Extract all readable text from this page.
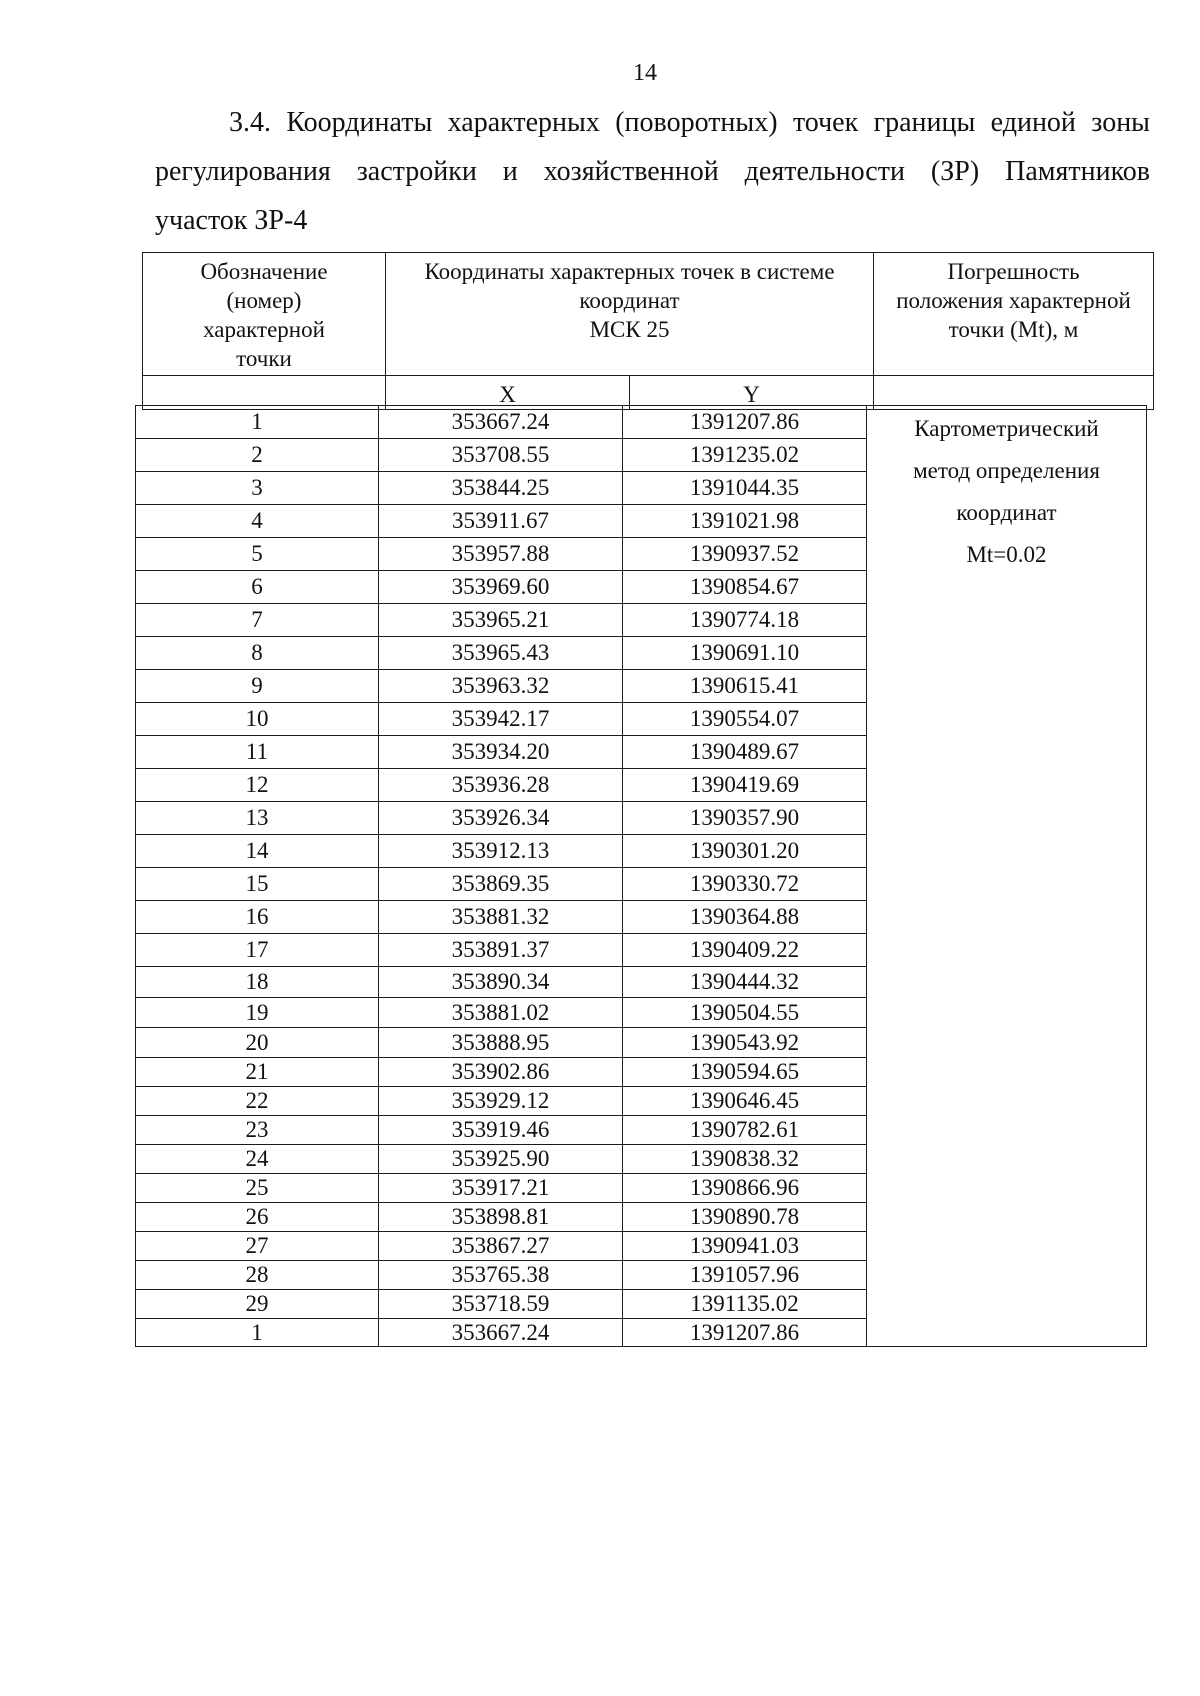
14
3.4. Координаты характерных (поворотных) точек границы единой зоны
регулирования застройки и хозяйственной деятельности (ЗР) Памятников
участок ЗР-4
Обозначение
(номер)
характерной
точки	Координаты характерных точек в системе
координат
МСК 25		Погрешность
положения характерной
точки (Mt), м

	X	Y	
1	353667.24	1391207.86	Картометрический
метод определения
координат
Mt=0.02

2	353708.55	1391235.02	
3	353844.25	1391044.35	
4	353911.67	1391021.98	
5	353957.88	1390937.52	
6	353969.60	1390854.67	
7	353965.21	1390774.18	
8	353965.43	1390691.10	
9	353963.32	1390615.41	
10	353942.17	1390554.07	
11	353934.20	1390489.67	
12	353936.28	1390419.69	
13	353926.34	1390357.90	
14	353912.13	1390301.20	
15	353869.35	1390330.72	
16	353881.32	1390364.88	
17	353891.37	1390409.22	
18	353890.34	1390444.32	
19	353881.02	1390504.55	
20	353888.95	1390543.92	
21	353902.86	1390594.65	
22	353929.12	1390646.45	
23	353919.46	1390782.61	
24	353925.90	1390838.32	
25	353917.21	1390866.96	
26	353898.81	1390890.78	
27	353867.27	1390941.03	
28	353765.38	1391057.96	
29	353718.59	1391135.02	
1	353667.24	1391207.86	
